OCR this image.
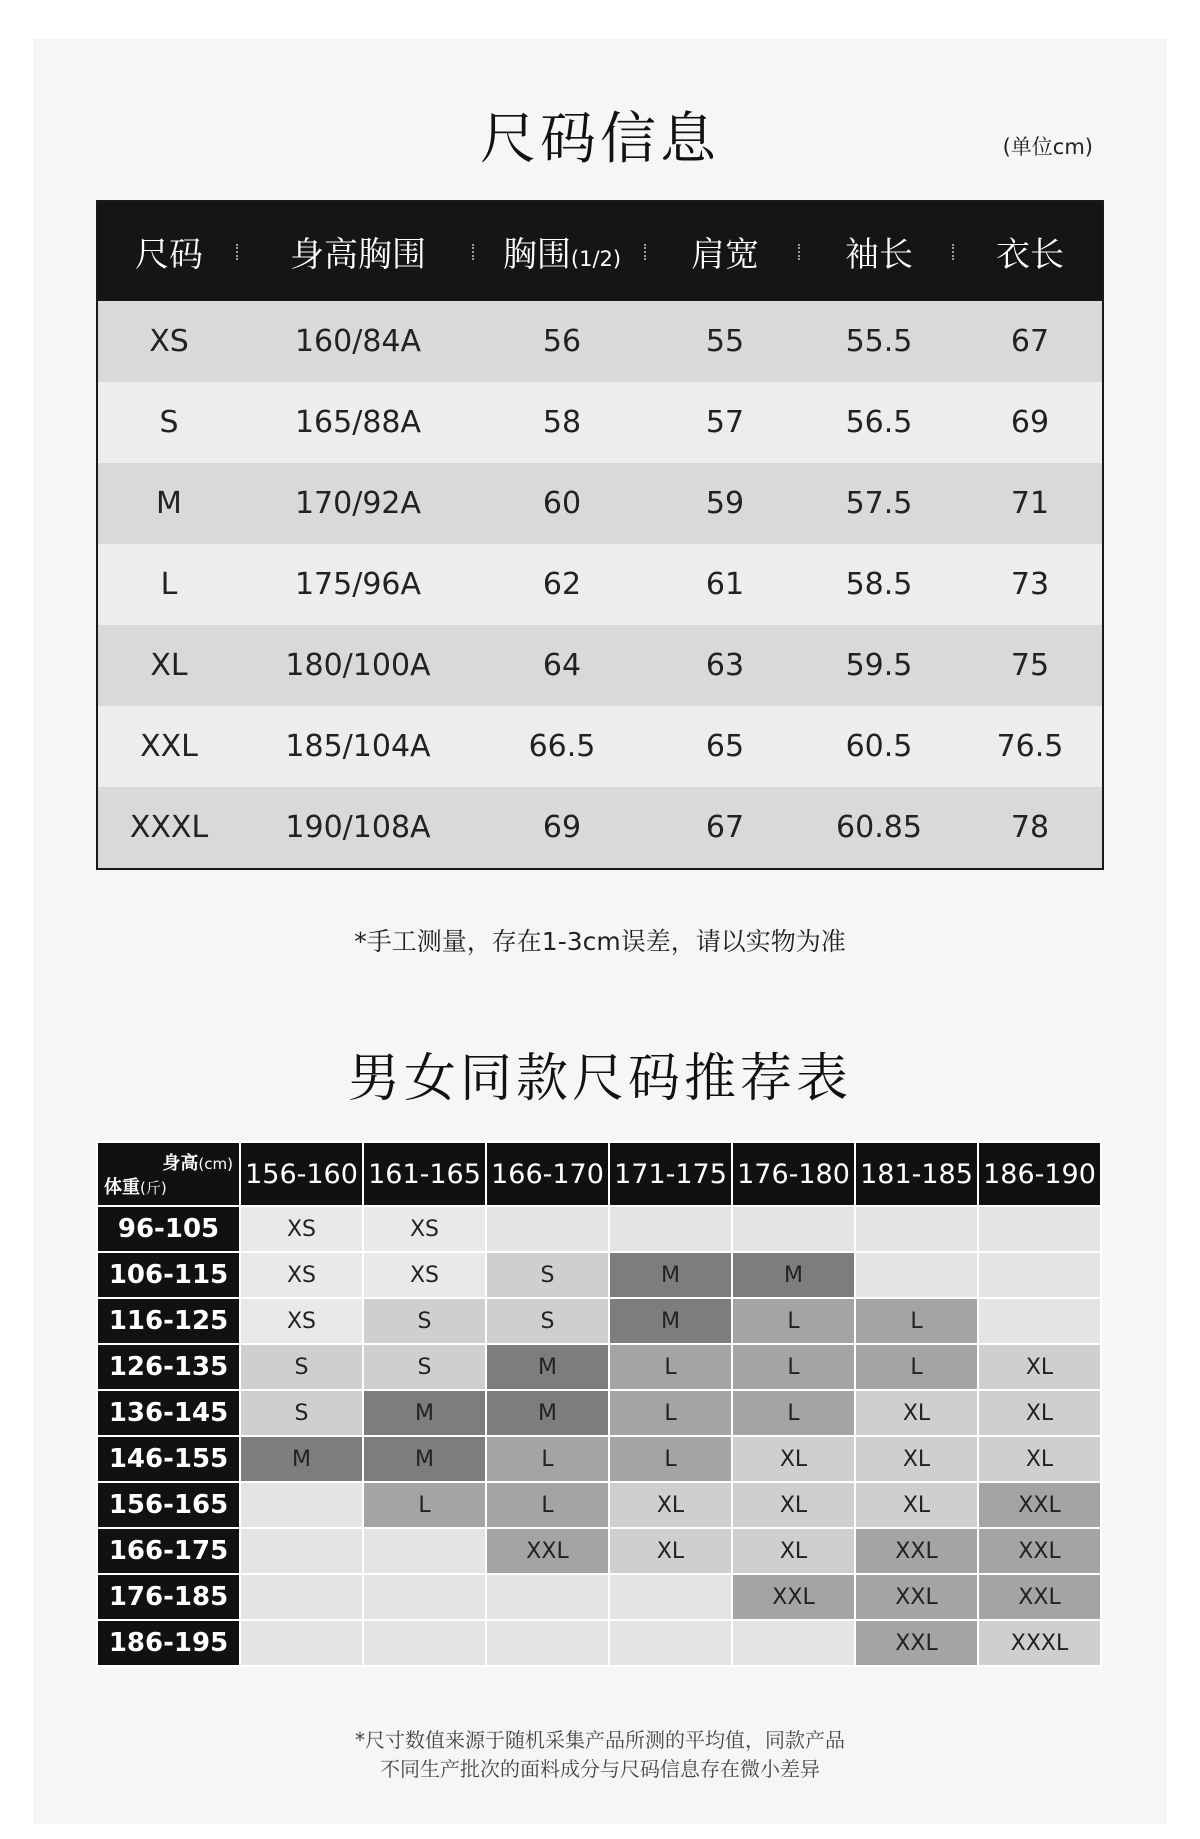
尺码信息	(单位cm)
尺码	身高胸围	胸围(1/2)	肩宽	袖长	衣长
XS	160/84A	56	55	55.5	67
S	165/88A	58	57	56.5	69
M	170/92A	60	59	57.5	71
L	175/96A	62	61	58.5	73
XL	180/100A	64	63	59.5	75
XXL	185/104A	66.5	65	60.5	76.5
XXXL	190/108A	69	67	60.85	78
*手工测量，存在1-3cm误差，请以实物为准
男女同款尺码推荐表
身高(cm)
体重(斤)	156-160	161-165	166-170	171-175	176-180	181-185	186-190
96-105	XS	XS					
106-115	XS	XS	S	M	M		
116-125	XS	S	S	M	L	L	
126-135	S	S	M	L	L	L	XL
136-145	S	M	M	L	L	XL	XL
146-155	M	M	L	L	XL	XL	XL
156-165		L	L	XL	XL	XL	XXL
166-175			XXL	XL	XL	XXL	XXL
176-185					XXL	XXL	XXL
186-195						XXL	XXXL
*尺寸数值来源于随机采集产品所测的平均值，同款产品
不同生产批次的面料成分与尺码信息存在微小差异
